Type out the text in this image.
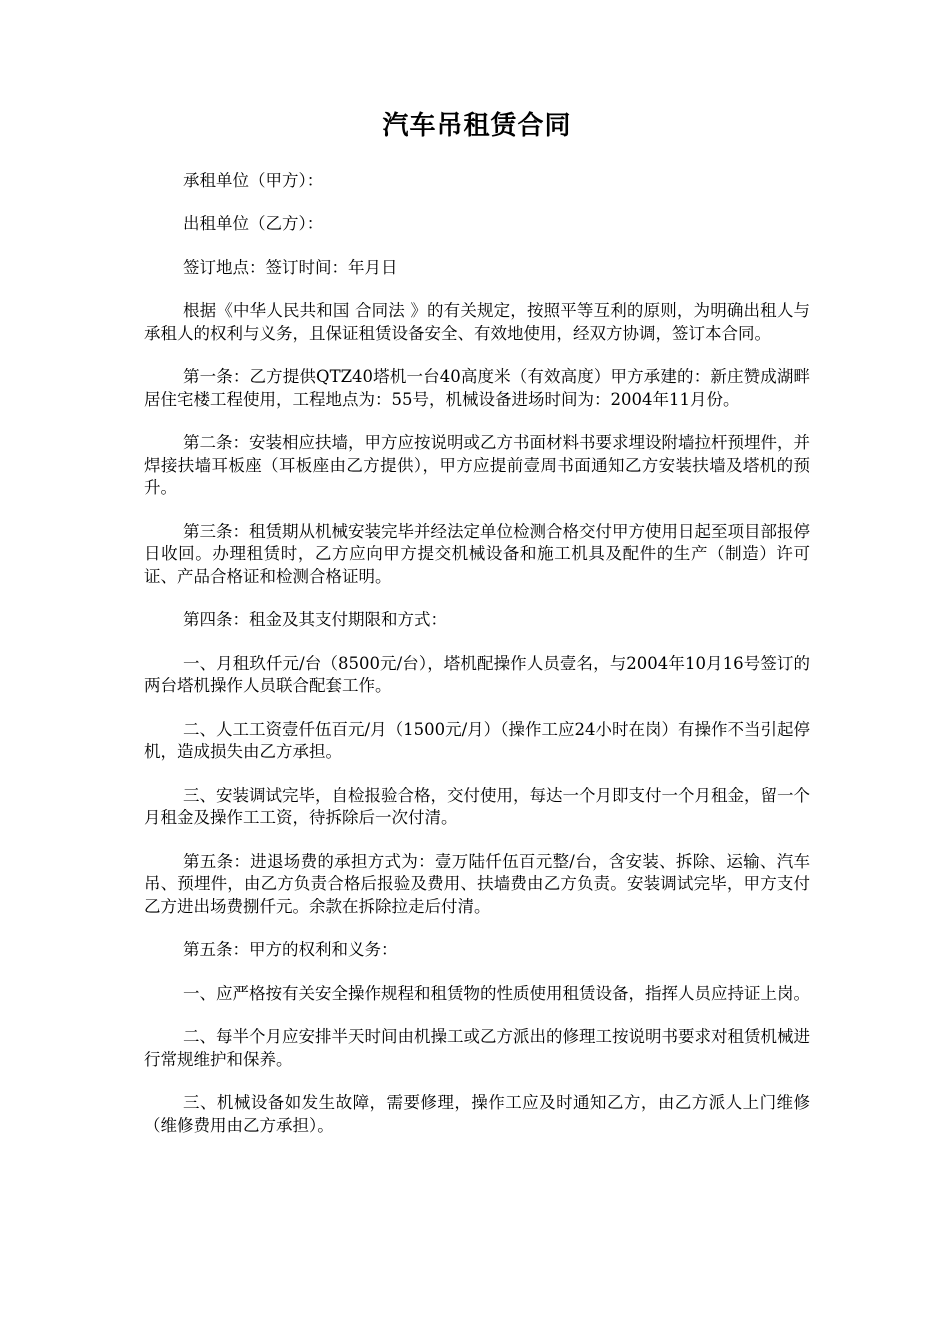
汽车吊租赁合同

承租单位（甲方）：

出租单位（乙方）：

签订地点：签订时间：年月日

根据《中华人民共和国 合同法 》的有关规定，按照平等互利的原则，为明确出租人与承租人的权利与义务，且保证租赁设备安全、有效地使用，经双方协调，签订本合同。

第一条：乙方提供QTZ40塔机一台40高度米（有效高度）甲方承建的：新庄赞成湖畔居住宅楼工程使用，工程地点为：55号，机械设备进场时间为：2004年11月份。

第二条：安装相应扶墙，甲方应按说明或乙方书面材料书要求埋设附墙拉杆预埋件，并焊接扶墙耳板座（耳板座由乙方提供），甲方应提前壹周书面通知乙方安装扶墙及塔机的预升。

第三条：租赁期从机械安装完毕并经法定单位检测合格交付甲方使用日起至项目部报停日收回。办理租赁时，乙方应向甲方提交机械设备和施工机具及配件的生产（制造）许可证、产品合格证和检测合格证明。

第四条：租金及其支付期限和方式：

一、月租玖仟元/台（8500元/台），塔机配操作人员壹名，与2004年10月16号签订的两台塔机操作人员联合配套工作。

二、人工工资壹仟伍百元/月（1500元/月）（操作工应24小时在岗）有操作不当引起停机，造成损失由乙方承担。

三、安装调试完毕，自检报验合格，交付使用，每达一个月即支付一个月租金，留一个月租金及操作工工资，待拆除后一次付清。

第五条：进退场费的承担方式为：壹万陆仟伍百元整/台，含安装、拆除、运输、汽车吊、预埋件，由乙方负责合格后报验及费用、扶墙费由乙方负责。安装调试完毕，甲方支付乙方进出场费捌仟元。余款在拆除拉走后付清。

第五条：甲方的权利和义务：

一、应严格按有关安全操作规程和租赁物的性质使用租赁设备，指挥人员应持证上岗。

二、每半个月应安排半天时间由机操工或乙方派出的修理工按说明书要求对租赁机械进行常规维护和保养。

三、机械设备如发生故障，需要修理，操作工应及时通知乙方，由乙方派人上门维修（维修费用由乙方承担）。
